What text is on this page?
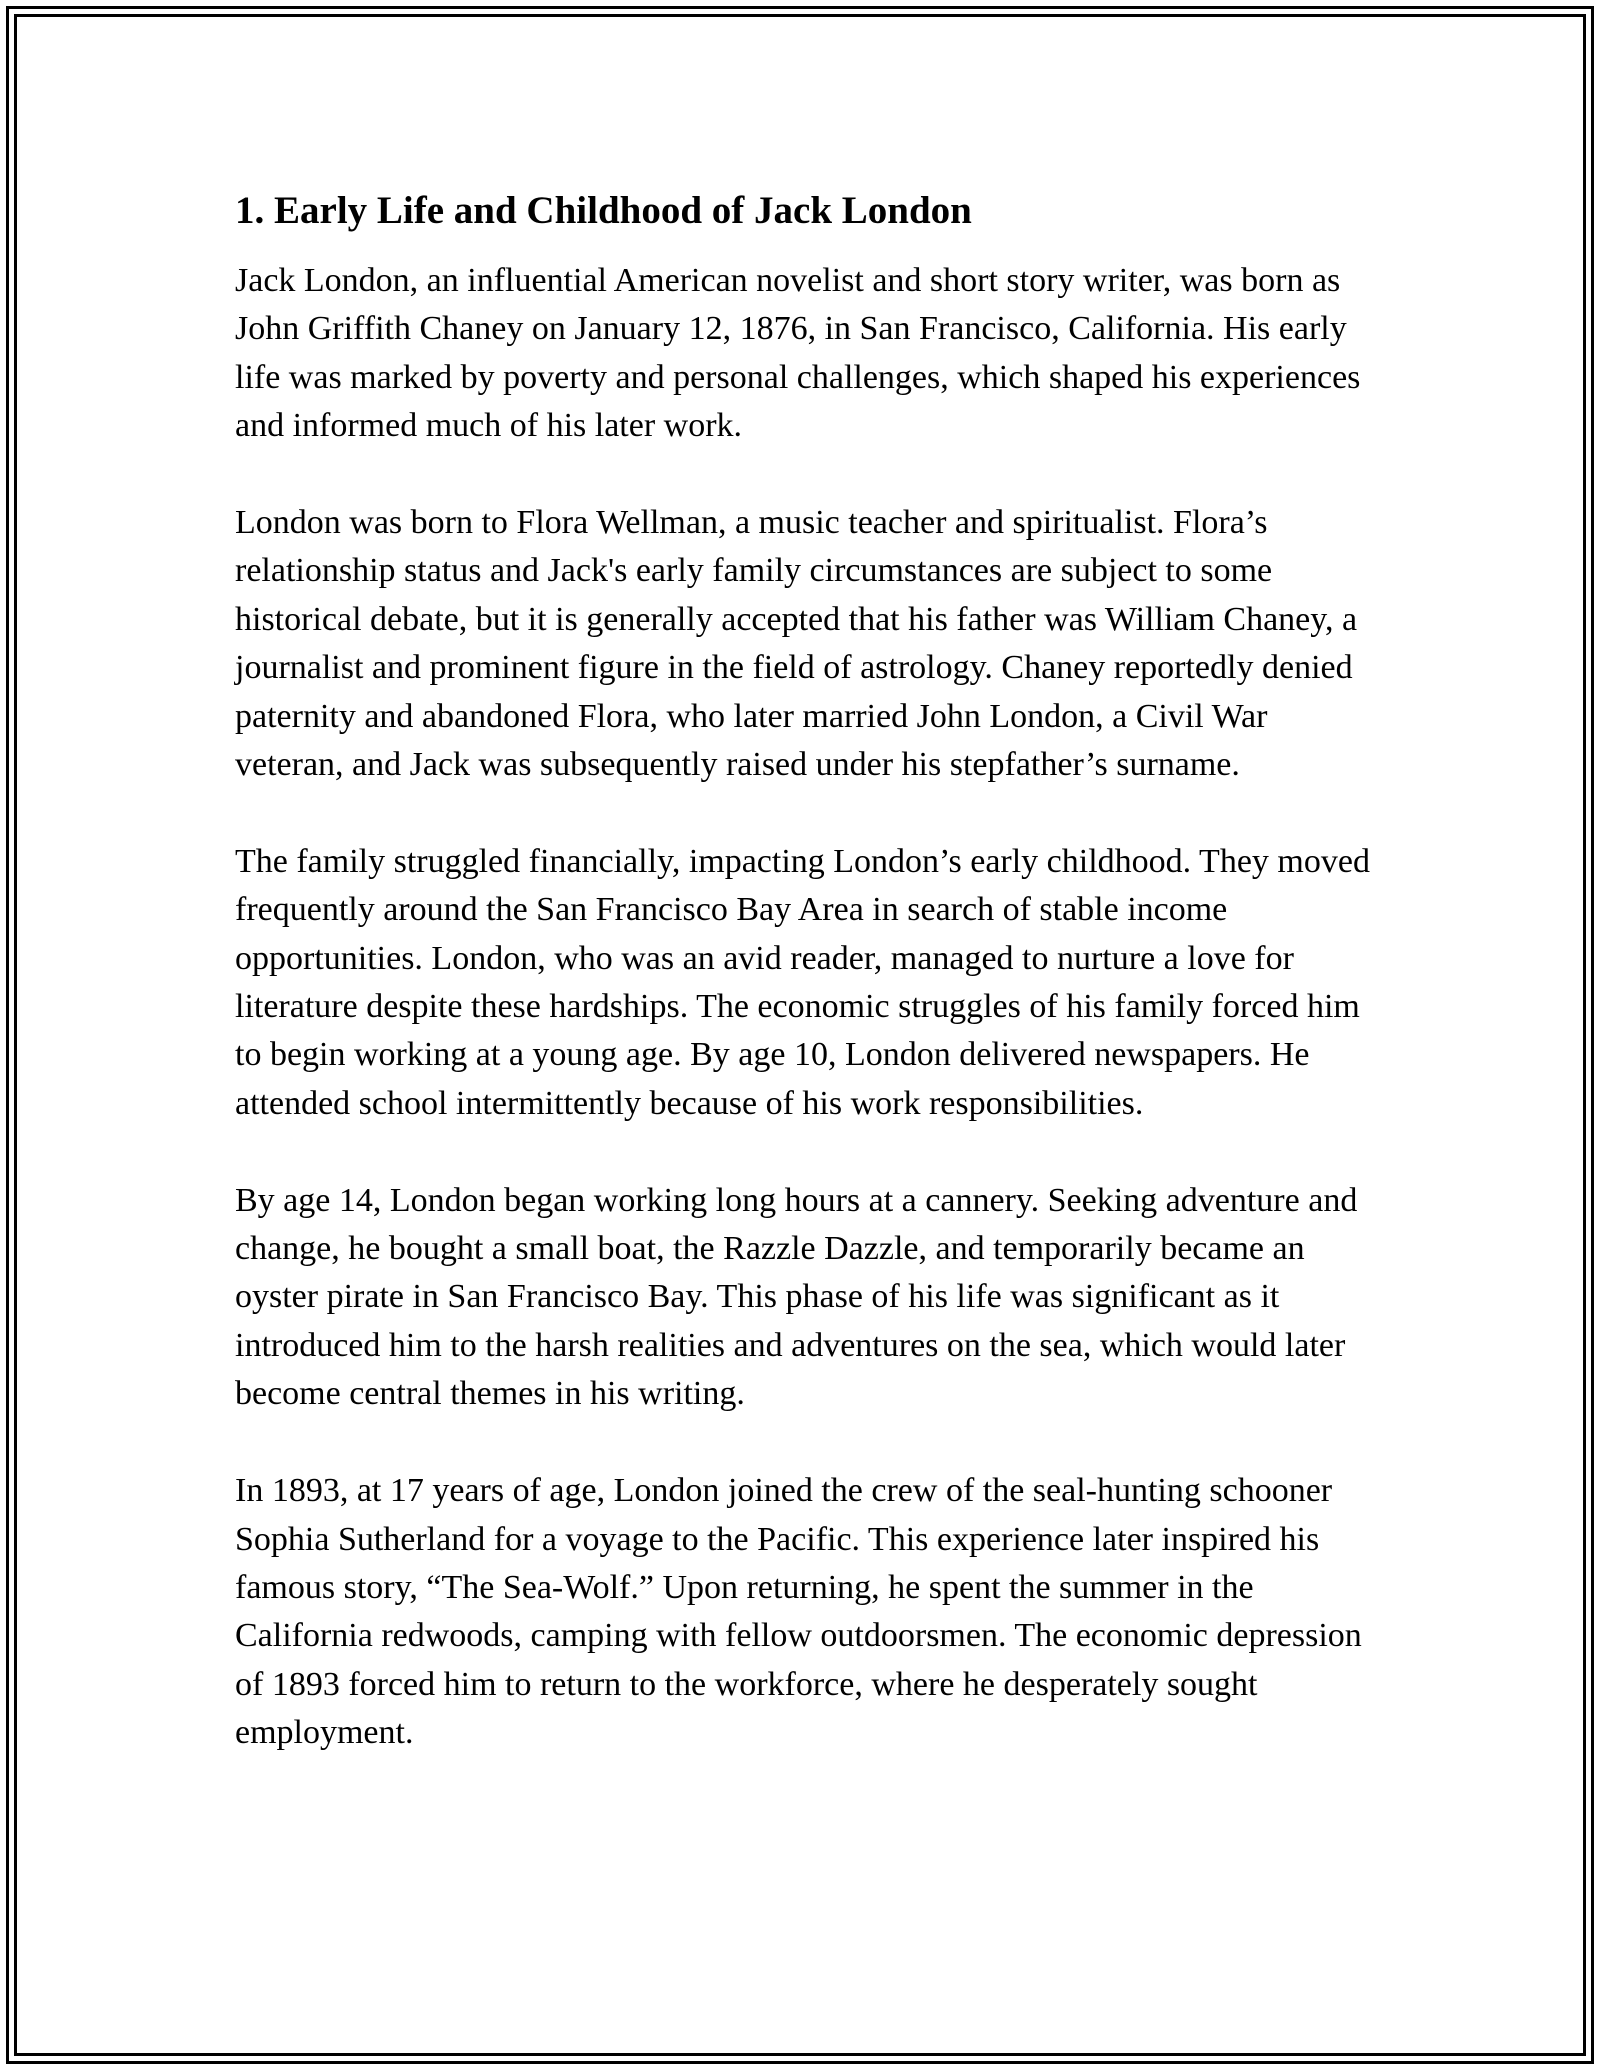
1. Early Life and Childhood of Jack London

Jack London, an influential American novelist and short story writer, was born as John Griffith Chaney on January 12, 1876, in San Francisco, California. His early life was marked by poverty and personal challenges, which shaped his experiences and informed much of his later work.

London was born to Flora Wellman, a music teacher and spiritualist. Flora’s relationship status and Jack's early family circumstances are subject to some historical debate, but it is generally accepted that his father was William Chaney, a journalist and prominent figure in the field of astrology. Chaney reportedly denied paternity and abandoned Flora, who later married John London, a Civil War veteran, and Jack was subsequently raised under his stepfather’s surname.

The family struggled financially, impacting London’s early childhood. They moved frequently around the San Francisco Bay Area in search of stable income opportunities. London, who was an avid reader, managed to nurture a love for literature despite these hardships. The economic struggles of his family forced him to begin working at a young age. By age 10, London delivered newspapers. He attended school intermittently because of his work responsibilities.

By age 14, London began working long hours at a cannery. Seeking adventure and change, he bought a small boat, the Razzle Dazzle, and temporarily became an oyster pirate in San Francisco Bay. This phase of his life was significant as it introduced him to the harsh realities and adventures on the sea, which would later become central themes in his writing.

In 1893, at 17 years of age, London joined the crew of the seal-hunting schooner Sophia Sutherland for a voyage to the Pacific. This experience later inspired his famous story, “The Sea-Wolf.” Upon returning, he spent the summer in the California redwoods, camping with fellow outdoorsmen. The economic depression of 1893 forced him to return to the workforce, where he desperately sought employment.
